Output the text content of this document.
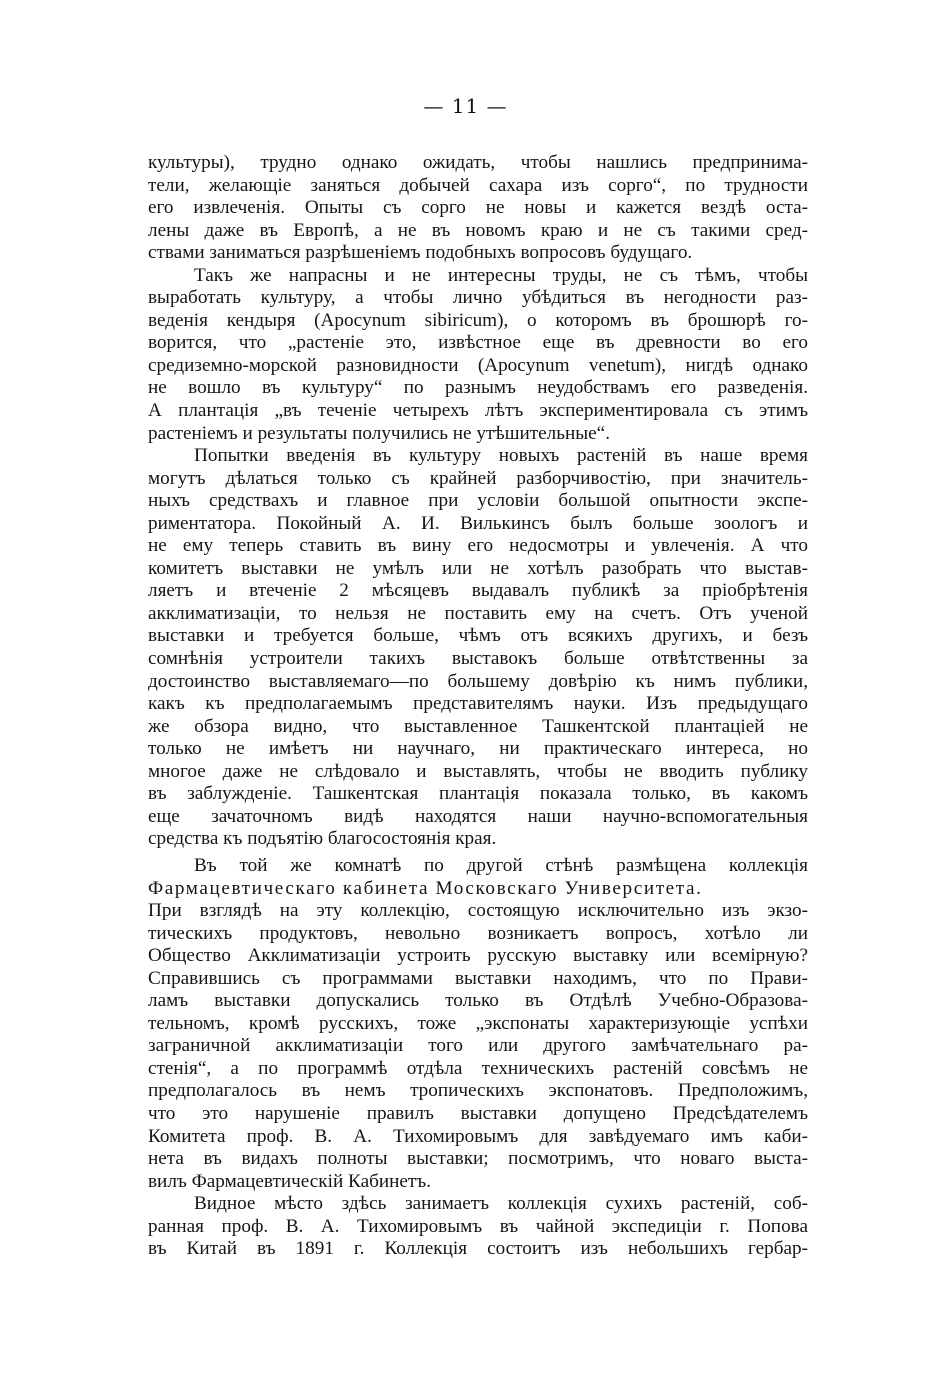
— 11 —
культуры), трудно однако ожидать, чтобы нашлись предпринима-
тели, желающіе заняться добычей сахара изъ сорго“, по трудности
его извлеченія. Опыты съ сорго не новы и кажется вездѣ оста-
лены даже въ Европѣ, а не въ новомъ краю и не съ такими сред-
ствами заниматься разрѣшеніемъ подобныхъ вопросовъ будущаго.
Такъ же напрасны и не интересны труды, не съ тѣмъ, чтобы
выработать культуру, а чтобы лично убѣдиться въ негодности раз-
веденія кендыря (Apocynum sibiricum), о которомъ въ брошюрѣ го-
ворится, что „растеніе это, извѣстное еще въ древности во его
средиземно-морской разновидности (Apocynum venetum), нигдѣ однако
не вошло въ культуру“ по разнымъ неудобствамъ его разведенія.
А плантація „въ теченіе четырехъ лѣтъ экспериментировала съ этимъ
растеніемъ и результаты получились не утѣшительные“.
Попытки введенія въ культуру новыхъ растеній въ наше время
могутъ дѣлаться только съ крайней разборчивостію, при значитель-
ныхъ средствахъ и главное при условіи большой опытности экспе-
риментатора. Покойный А. И. Вилькинсъ былъ больше зоологъ и
не ему теперь ставить въ вину его недосмотры и увлеченія. А что
комитетъ выставки не умѣлъ или не хотѣлъ разобрать что выстав-
ляетъ и втеченіе 2 мѣсяцевъ выдавалъ публикѣ за пріобрѣтенія
акклиматизаціи, то нельзя не поставить ему на счетъ. Отъ ученой
выставки и требуется больше, чѣмъ отъ всякихъ другихъ, и безъ
сомнѣнія устроители такихъ выставокъ больше отвѣтственны за
достоинство выставляемаго—по большему довѣрію къ нимъ публики,
какъ къ предполагаемымъ представителямъ науки. Изъ предыдущаго
же обзора видно, что выставленное Ташкентской плантаціей не
только не имѣетъ ни научнаго, ни практическаго интереса, но
многое даже не слѣдовало и выставлять, чтобы не вводить публику
въ заблужденіе. Ташкентская плантація показала только, въ какомъ
еще зачаточномъ видѣ находятся наши научно-вспомогательныя
средства къ подъятію благосостоянія края.
Въ той же комнатѣ по другой стѣнѣ размѣщена коллекція
Фармацевтическаго кабинета Московскаго Университета.
При взглядѣ на эту коллекцію, состоящую исключительно изъ экзо-
тическихъ продуктовъ, невольно возникаетъ вопросъ, хотѣло ли
Общество Акклиматизаціи устроить русскую выставку или всемірную?
Справившись съ программами выставки находимъ, что по Прави-
ламъ выставки допускались только въ Отдѣлѣ Учебно-Образова-
тельномъ, кромѣ русскихъ, тоже „экспонаты характеризующіе успѣхи
заграничной акклиматизаціи того или другого замѣчательнаго ра-
стенія“, а по программѣ отдѣла техническихъ растеній совсѣмъ не
предполагалось въ немъ тропическихъ экспонатовъ. Предположимъ,
что это нарушеніе правилъ выставки допущено Предсѣдателемъ
Комитета проф. В. А. Тихомировымъ для завѣдуемаго имъ каби-
нета въ видахъ полноты выставки; посмотримъ, что новаго выста-
вилъ Фармацевтическій Кабинетъ.
Видное мѣсто здѣсь занимаетъ коллекція сухихъ растеній, соб-
ранная проф. В. А. Тихомировымъ въ чайной экспедиціи г. Попова
въ Китай въ 1891 г. Коллекція состоитъ изъ небольшихъ гербар-
